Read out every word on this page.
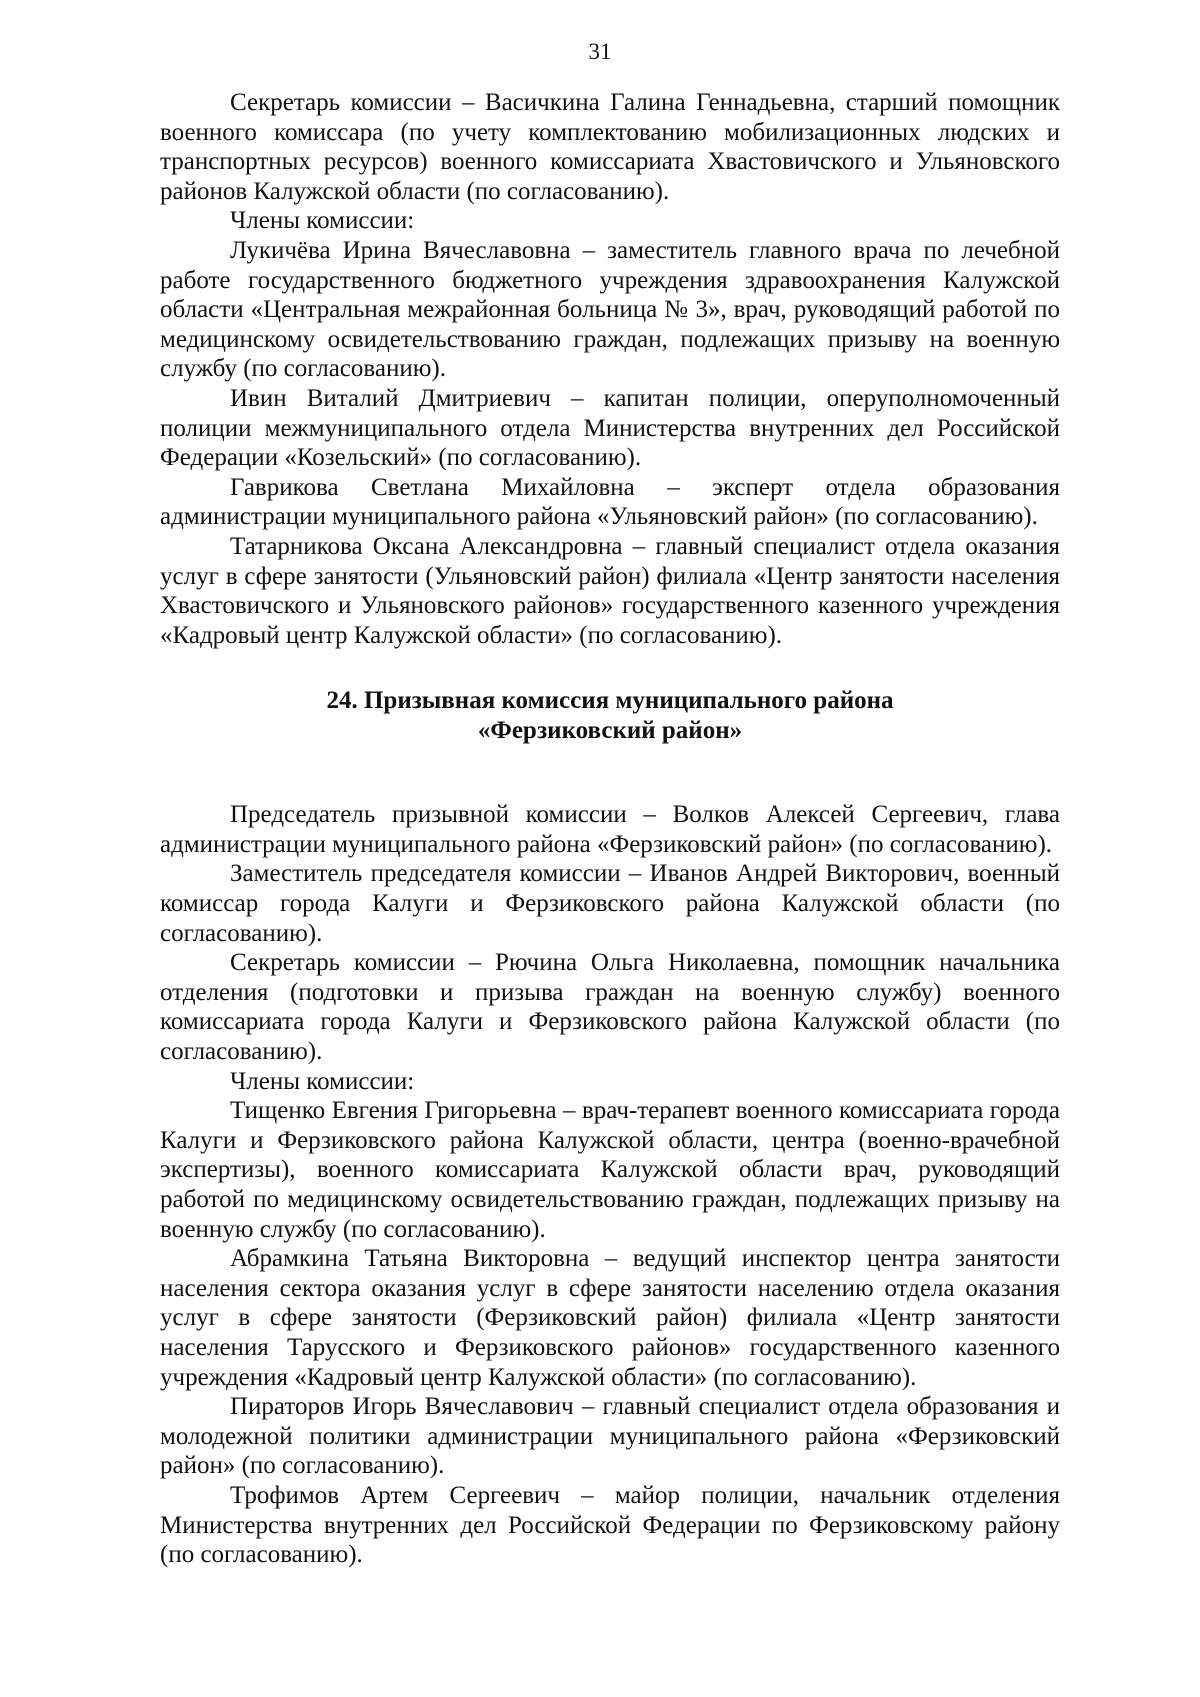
31

Секретарь комиссии – Васичкина Галина Геннадьевна, старший помощник военного комиссара (по учету комплектованию мобилизационных людских и транспортных ресурсов) военного комиссариата Хвастовичского и Ульяновского районов Калужской области (по согласованию).

Члены комиссии:

Лукичёва Ирина Вячеславовна – заместитель главного врача по лечебной работе государственного бюджетного учреждения здравоохранения Калужской области «Центральная межрайонная больница № 3», врач, руководящий работой по медицинскому освидетельствованию граждан, подлежащих призыву на военную службу (по согласованию).

Ивин Виталий Дмитриевич – капитан полиции, оперуполномоченный полиции межмуниципального отдела Министерства внутренних дел Российской Федерации «Козельский» (по согласованию).

Гаврикова Светлана Михайловна – эксперт отдела образования администрации муниципального района «Ульяновский район» (по согласованию).

Татарникова Оксана Александровна – главный специалист отдела оказания услуг в сфере занятости (Ульяновский район) филиала «Центр занятости населения Хвастовичского и Ульяновского районов» государственного казенного учреждения «Кадровый центр Калужской области» (по согласованию).

24. Призывная комиссия муниципального района
«Ферзиковский район»

Председатель призывной комиссии – Волков Алексей Сергеевич, глава администрации муниципального района «Ферзиковский район» (по согласованию).

Заместитель председателя комиссии – Иванов Андрей Викторович, военный комиссар города Калуги и Ферзиковского района Калужской области (по согласованию).

Секретарь комиссии – Рючина Ольга Николаевна, помощник начальника отделения (подготовки и призыва граждан на военную службу) военного комиссариата города Калуги и Ферзиковского района Калужской области (по согласованию).

Члены комиссии:

Тищенко Евгения Григорьевна – врач-терапевт военного комиссариата города Калуги и Ферзиковского района Калужской области, центра (военно-врачебной экспертизы), военного комиссариата Калужской области врач, руководящий работой по медицинскому освидетельствованию граждан, подлежащих призыву на военную службу (по согласованию).

Абрамкина Татьяна Викторовна – ведущий инспектор центра занятости населения сектора оказания услуг в сфере занятости населению отдела оказания услуг в сфере занятости (Ферзиковский район) филиала «Центр занятости населения Тарусского и Ферзиковского районов» государственного казенного учреждения «Кадровый центр Калужской области» (по согласованию).

Пираторов Игорь Вячеславович – главный специалист отдела образования и молодежной политики администрации муниципального района «Ферзиковский район» (по согласованию).

Трофимов Артем Сергеевич – майор полиции, начальник отделения Министерства внутренних дел Российской Федерации по Ферзиковскому району (по согласованию).
